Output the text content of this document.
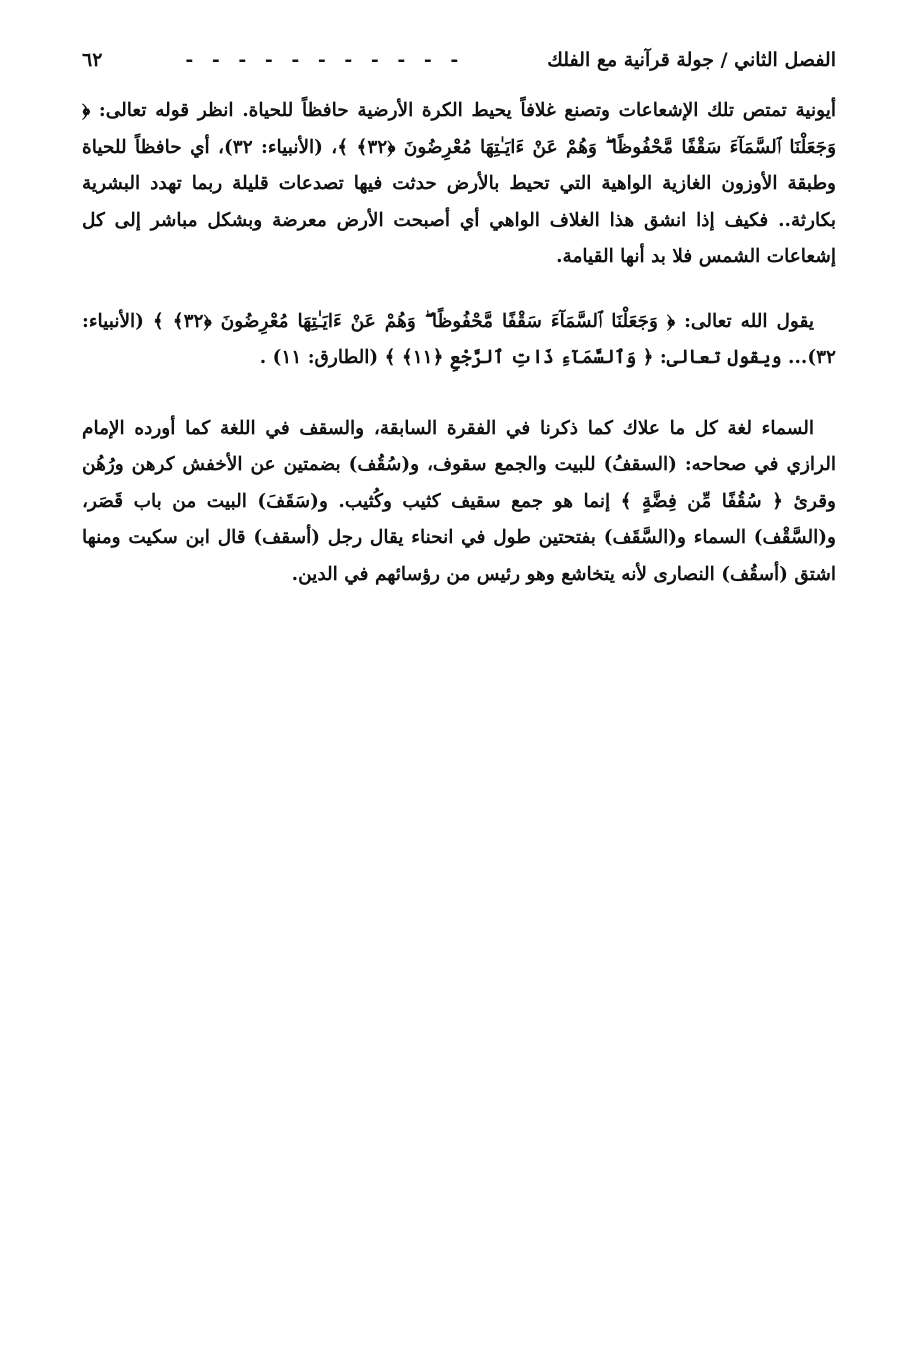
الفصل الثاني / جولة قرآنية مع الفلك
- - - - - - - - - - -
٦٢

أيونية تمتص تلك الإشعاعات وتصنع غلافاً يحيط الكرة الأرضية حافظاً للحياة. انظر قوله تعالى: ﴿ وَجَعَلْنَا ٱلسَّمَآءَ سَقْفًا مَّحْفُوظًا ۖ وَهُمْ عَنْ ءَايَـٰتِهَا مُعْرِضُونَ ﴿٣٢﴾ ﴾، (الأنبياء: ٣٢)، أي حافظاً للحياة وطبقة الأوزون الغازية الواهية التي تحيط بالأرض حدثت فيها تصدعات قليلة ربما تهدد البشرية بكارثة.. فكيف إذا انشق هذا الغلاف الواهي أي أصبحت الأرض معرضة وبشكل مباشر إلى كل إشعاعات الشمس فلا بد أنها القيامة.

يقول الله تعالى: ﴿ وَجَعَلْنَا ٱلسَّمَآءَ سَقْفًا مَّحْفُوظًا ۖ وَهُمْ عَنْ ءَايَـٰتِهَا مُعْرِضُونَ ﴿٣٢﴾ ﴾ (الأنبياء: ٣٢)... ويقول تعالى: ﴿ وَٱلسَّمَآءِ ذَاتِ ٱلرَّجْعِ ﴿١١﴾ ﴾ (الطارق: ١١) .

السماء لغة كل ما علاك كما ذكرنا في الفقرة السابقة، والسقف في اللغة كما أورده الإمام الرازي في صحاحه: (السقفُ) للبيت والجمع سقوف، و(سُقُف) بضمتين عن الأخفش كرهن ورُهُن وقرئ ﴿ سُقُفًا مِّن فِضَّةٍ ﴾ إنما هو جمع سقيف كثيب وكُثيب. و(سَقَفَ) البيت من باب قَصَر، و(السَّقْف) السماء و(السَّقَف) بفتحتين طول في انحناء يقال رجل (أسقف) قال ابن سكيت ومنها اشتق (أسقُف) النصارى لأنه يتخاشع وهو رئيس من رؤسائهم في الدين.
